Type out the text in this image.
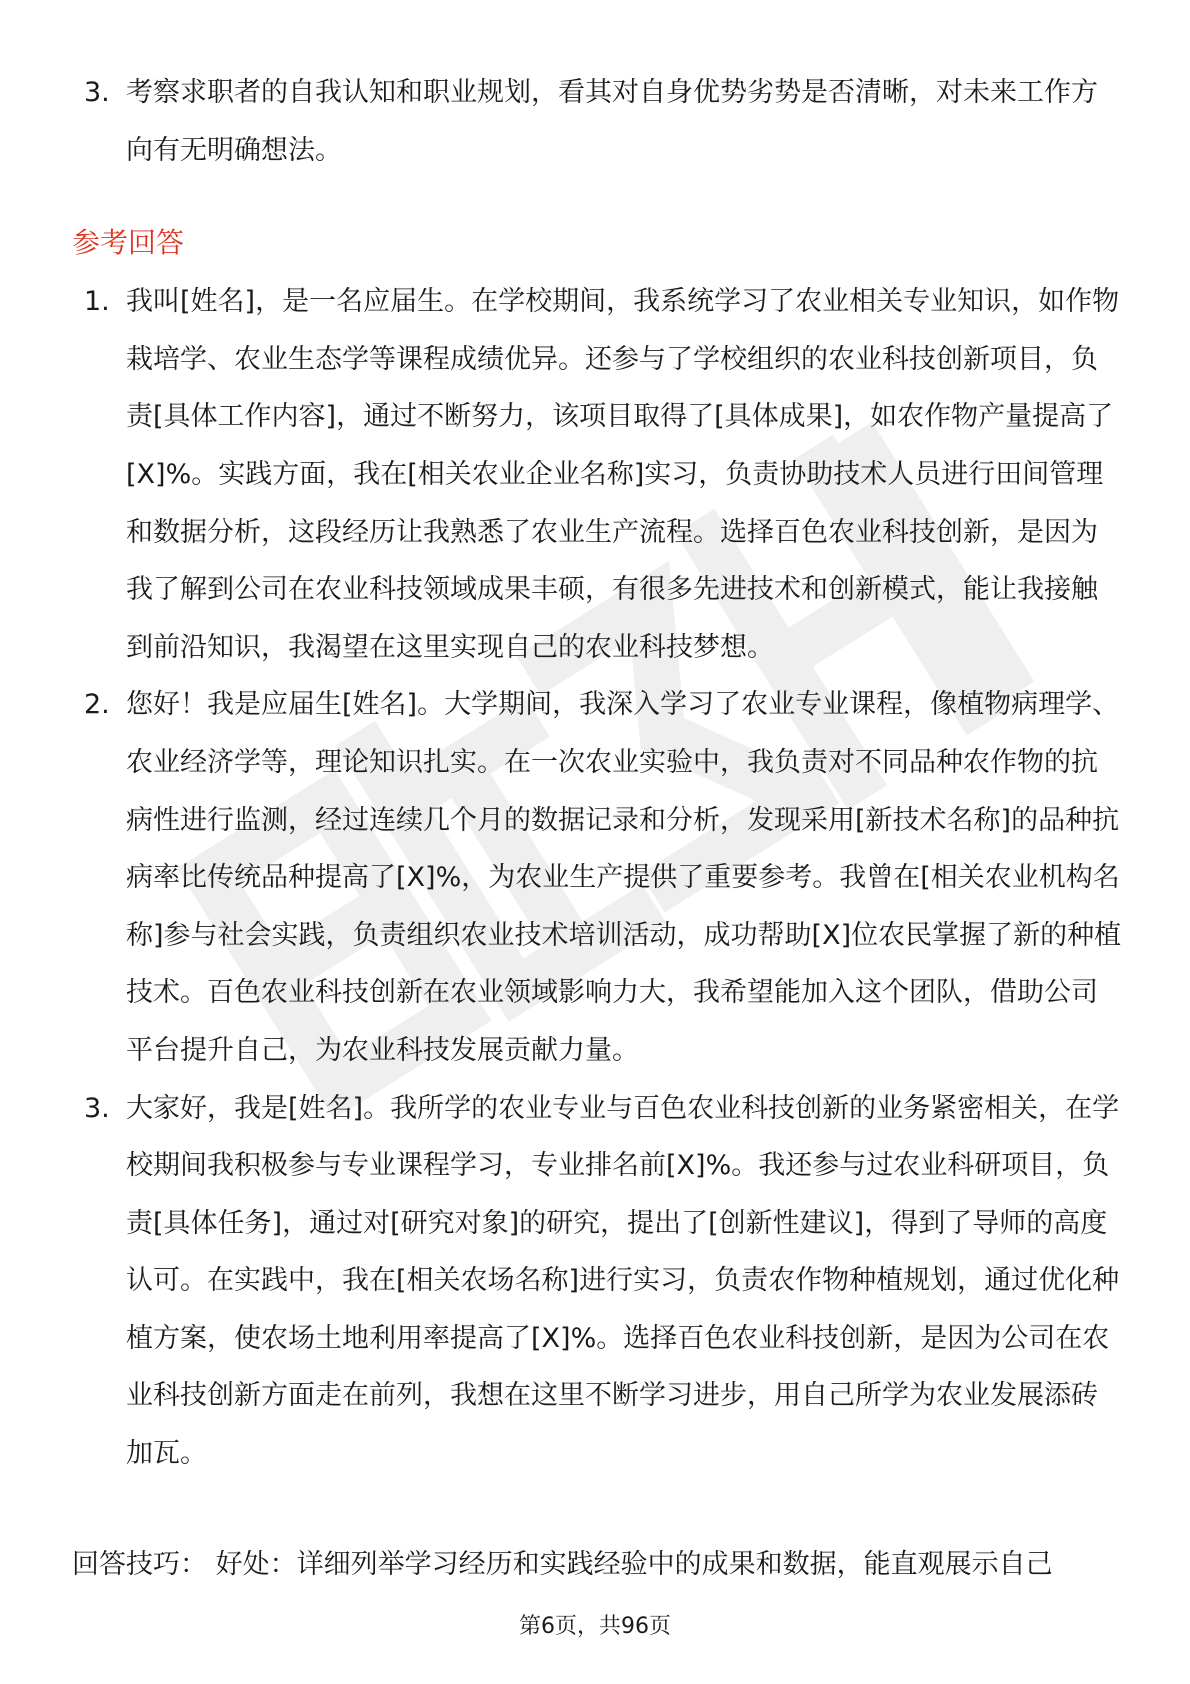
3. 考察求职者的自我认知和职业规划，看其对自身优势劣势是否清晰，对未来工作方向有无明确想法。

参考回答

1. 我叫[姓名]，是一名应届生。在学校期间，我系统学习了农业相关专业知识，如作物栽培学、农业生态学等课程成绩优异。还参与了学校组织的农业科技创新项目，负责[具体工作内容]，通过不断努力，该项目取得了[具体成果]，如农作物产量提高了[X]%。实践方面，我在[相关农业企业名称]实习，负责协助技术人员进行田间管理和数据分析，这段经历让我熟悉了农业生产流程。选择百色农业科技创新，是因为我了解到公司在农业科技领域成果丰硕，有很多先进技术和创新模式，能让我接触到前沿知识，我渴望在这里实现自己的农业科技梦想。

2. 您好！我是应届生[姓名]。大学期间，我深入学习了农业专业课程，像植物病理学、农业经济学等，理论知识扎实。在一次农业实验中，我负责对不同品种农作物的抗病性进行监测，经过连续几个月的数据记录和分析，发现采用[新技术名称]的品种抗病率比传统品种提高了[X]%，为农业生产提供了重要参考。我曾在[相关农业机构名称]参与社会实践，负责组织农业技术培训活动，成功帮助[X]位农民掌握了新的种植技术。百色农业科技创新在农业领域影响力大，我希望能加入这个团队，借助公司平台提升自己，为农业科技发展贡献力量。

3. 大家好，我是[姓名]。我所学的农业专业与百色农业科技创新的业务紧密相关，在学校期间我积极参与专业课程学习，专业排名前[X]%。我还参与过农业科研项目，负责[具体任务]，通过对[研究对象]的研究，提出了[创新性建议]，得到了导师的高度认可。在实践中，我在[相关农场名称]进行实习，负责农作物种植规划，通过优化种植方案，使农场土地利用率提高了[X]%。选择百色农业科技创新，是因为公司在农业科技创新方面走在前列，我想在这里不断学习进步，用自己所学为农业发展添砖加瓦。

回答技巧： 好处：详细列举学习经历和实践经验中的成果和数据，能直观展示自己
第6页，共96页
